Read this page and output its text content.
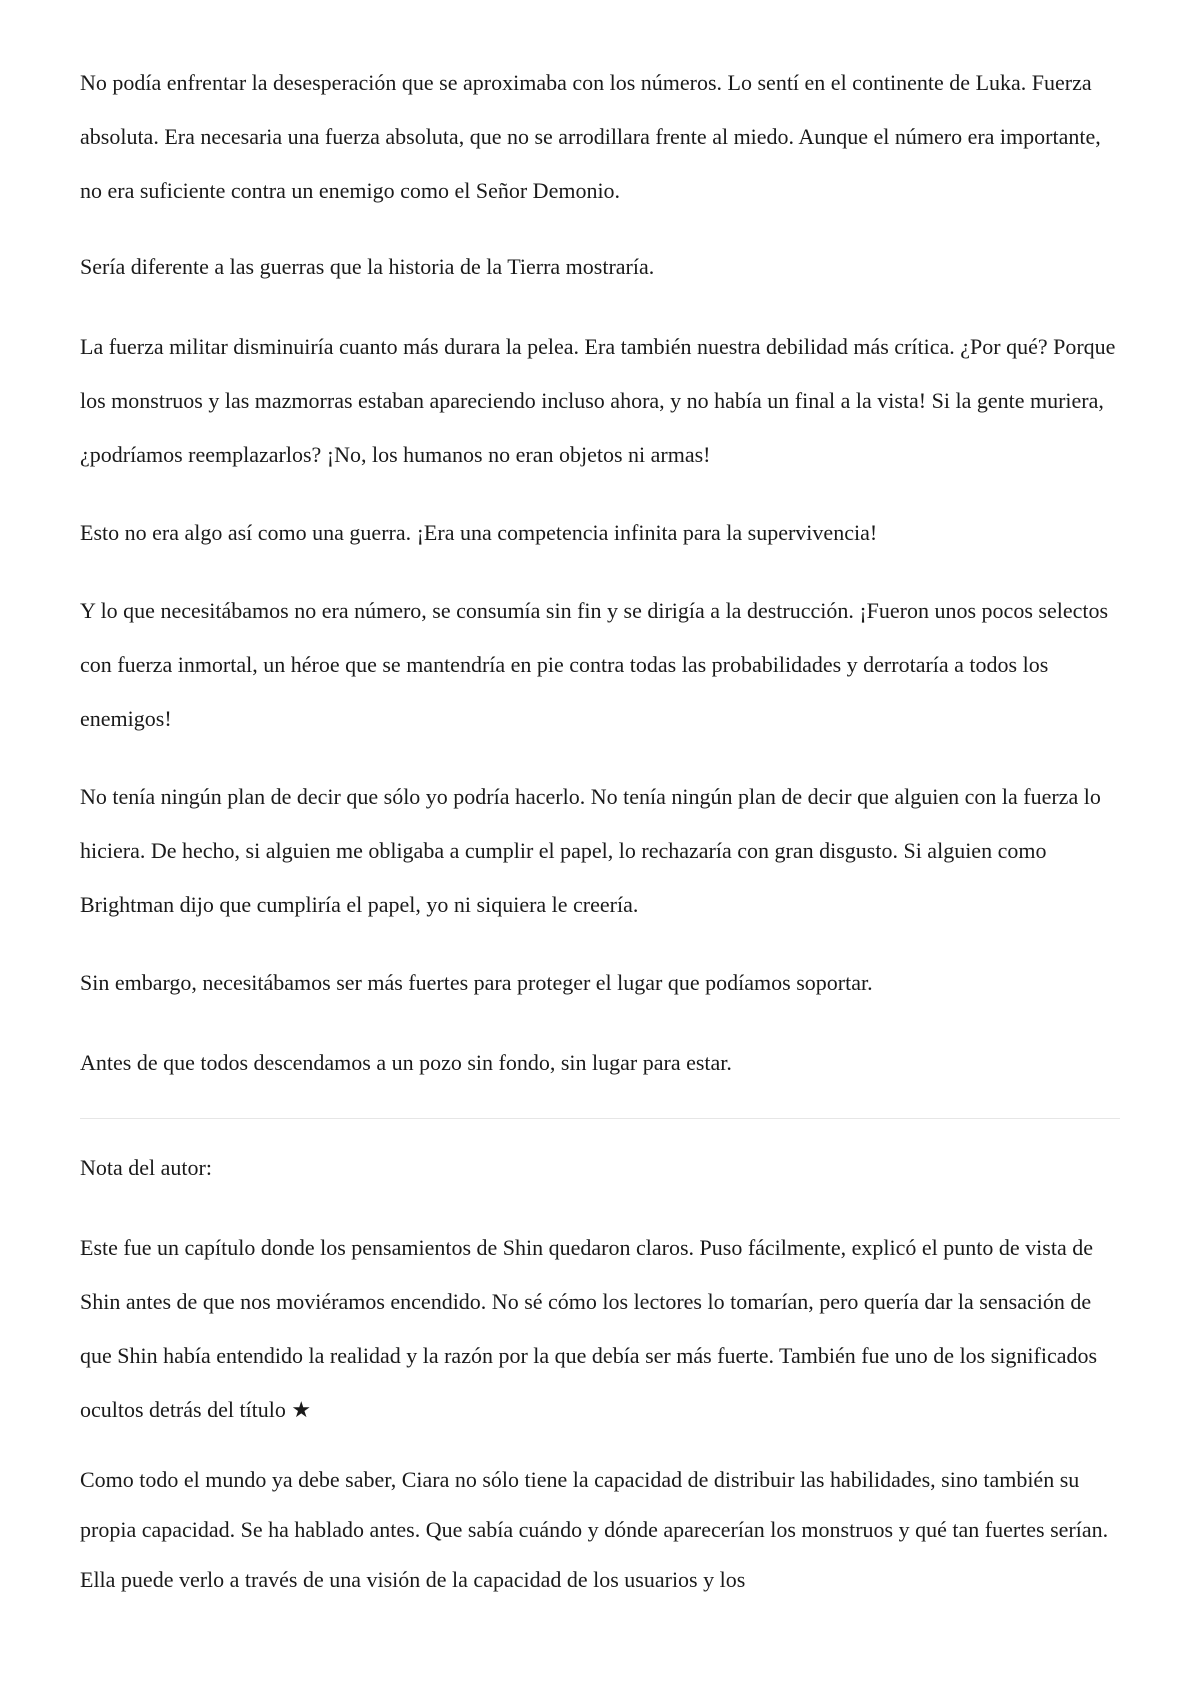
No podía enfrentar la desesperación que se aproximaba con los números. Lo sentí en el continente de Luka. Fuerza absoluta. Era necesaria una fuerza absoluta, que no se arrodillara frente al miedo. Aunque el número era importante, no era suficiente contra un enemigo como el Señor Demonio.

Sería diferente a las guerras que la historia de la Tierra mostraría.

La fuerza militar disminuiría cuanto más durara la pelea. Era también nuestra debilidad más crítica. ¿Por qué? Porque los monstruos y las mazmorras estaban apareciendo incluso ahora, y no había un final a la vista! Si la gente muriera, ¿podríamos reemplazarlos? ¡No, los humanos no eran objetos ni armas!

Esto no era algo así como una guerra. ¡Era una competencia infinita para la supervivencia!

Y lo que necesitábamos no era número, se consumía sin fin y se dirigía a la destrucción. ¡Fueron unos pocos selectos con fuerza inmortal, un héroe que se mantendría en pie contra todas las probabilidades y derrotaría a todos los enemigos!

No tenía ningún plan de decir que sólo yo podría hacerlo. No tenía ningún plan de decir que alguien con la fuerza lo hiciera. De hecho, si alguien me obligaba a cumplir el papel, lo rechazaría con gran disgusto. Si alguien como Brightman dijo que cumpliría el papel, yo ni siquiera le creería.

Sin embargo, necesitábamos ser más fuertes para proteger el lugar que podíamos soportar.

Antes de que todos descendamos a un pozo sin fondo, sin lugar para estar.

Nota del autor:

Este fue un capítulo donde los pensamientos de Shin quedaron claros. Puso fácilmente, explicó el punto de vista de Shin antes de que nos moviéramos encendido. No sé cómo los lectores lo tomarían, pero quería dar la sensación de que Shin había entendido la realidad y la razón por la que debía ser más fuerte. También fue uno de los significados ocultos detrás del título ★

Como todo el mundo ya debe saber, Ciara no sólo tiene la capacidad de distribuir las habilidades, sino también su propia capacidad. Se ha hablado antes. Que sabía cuándo y dónde aparecerían los monstruos y qué tan fuertes serían. Ella puede verlo a través de una visión de la capacidad de los usuarios y los
